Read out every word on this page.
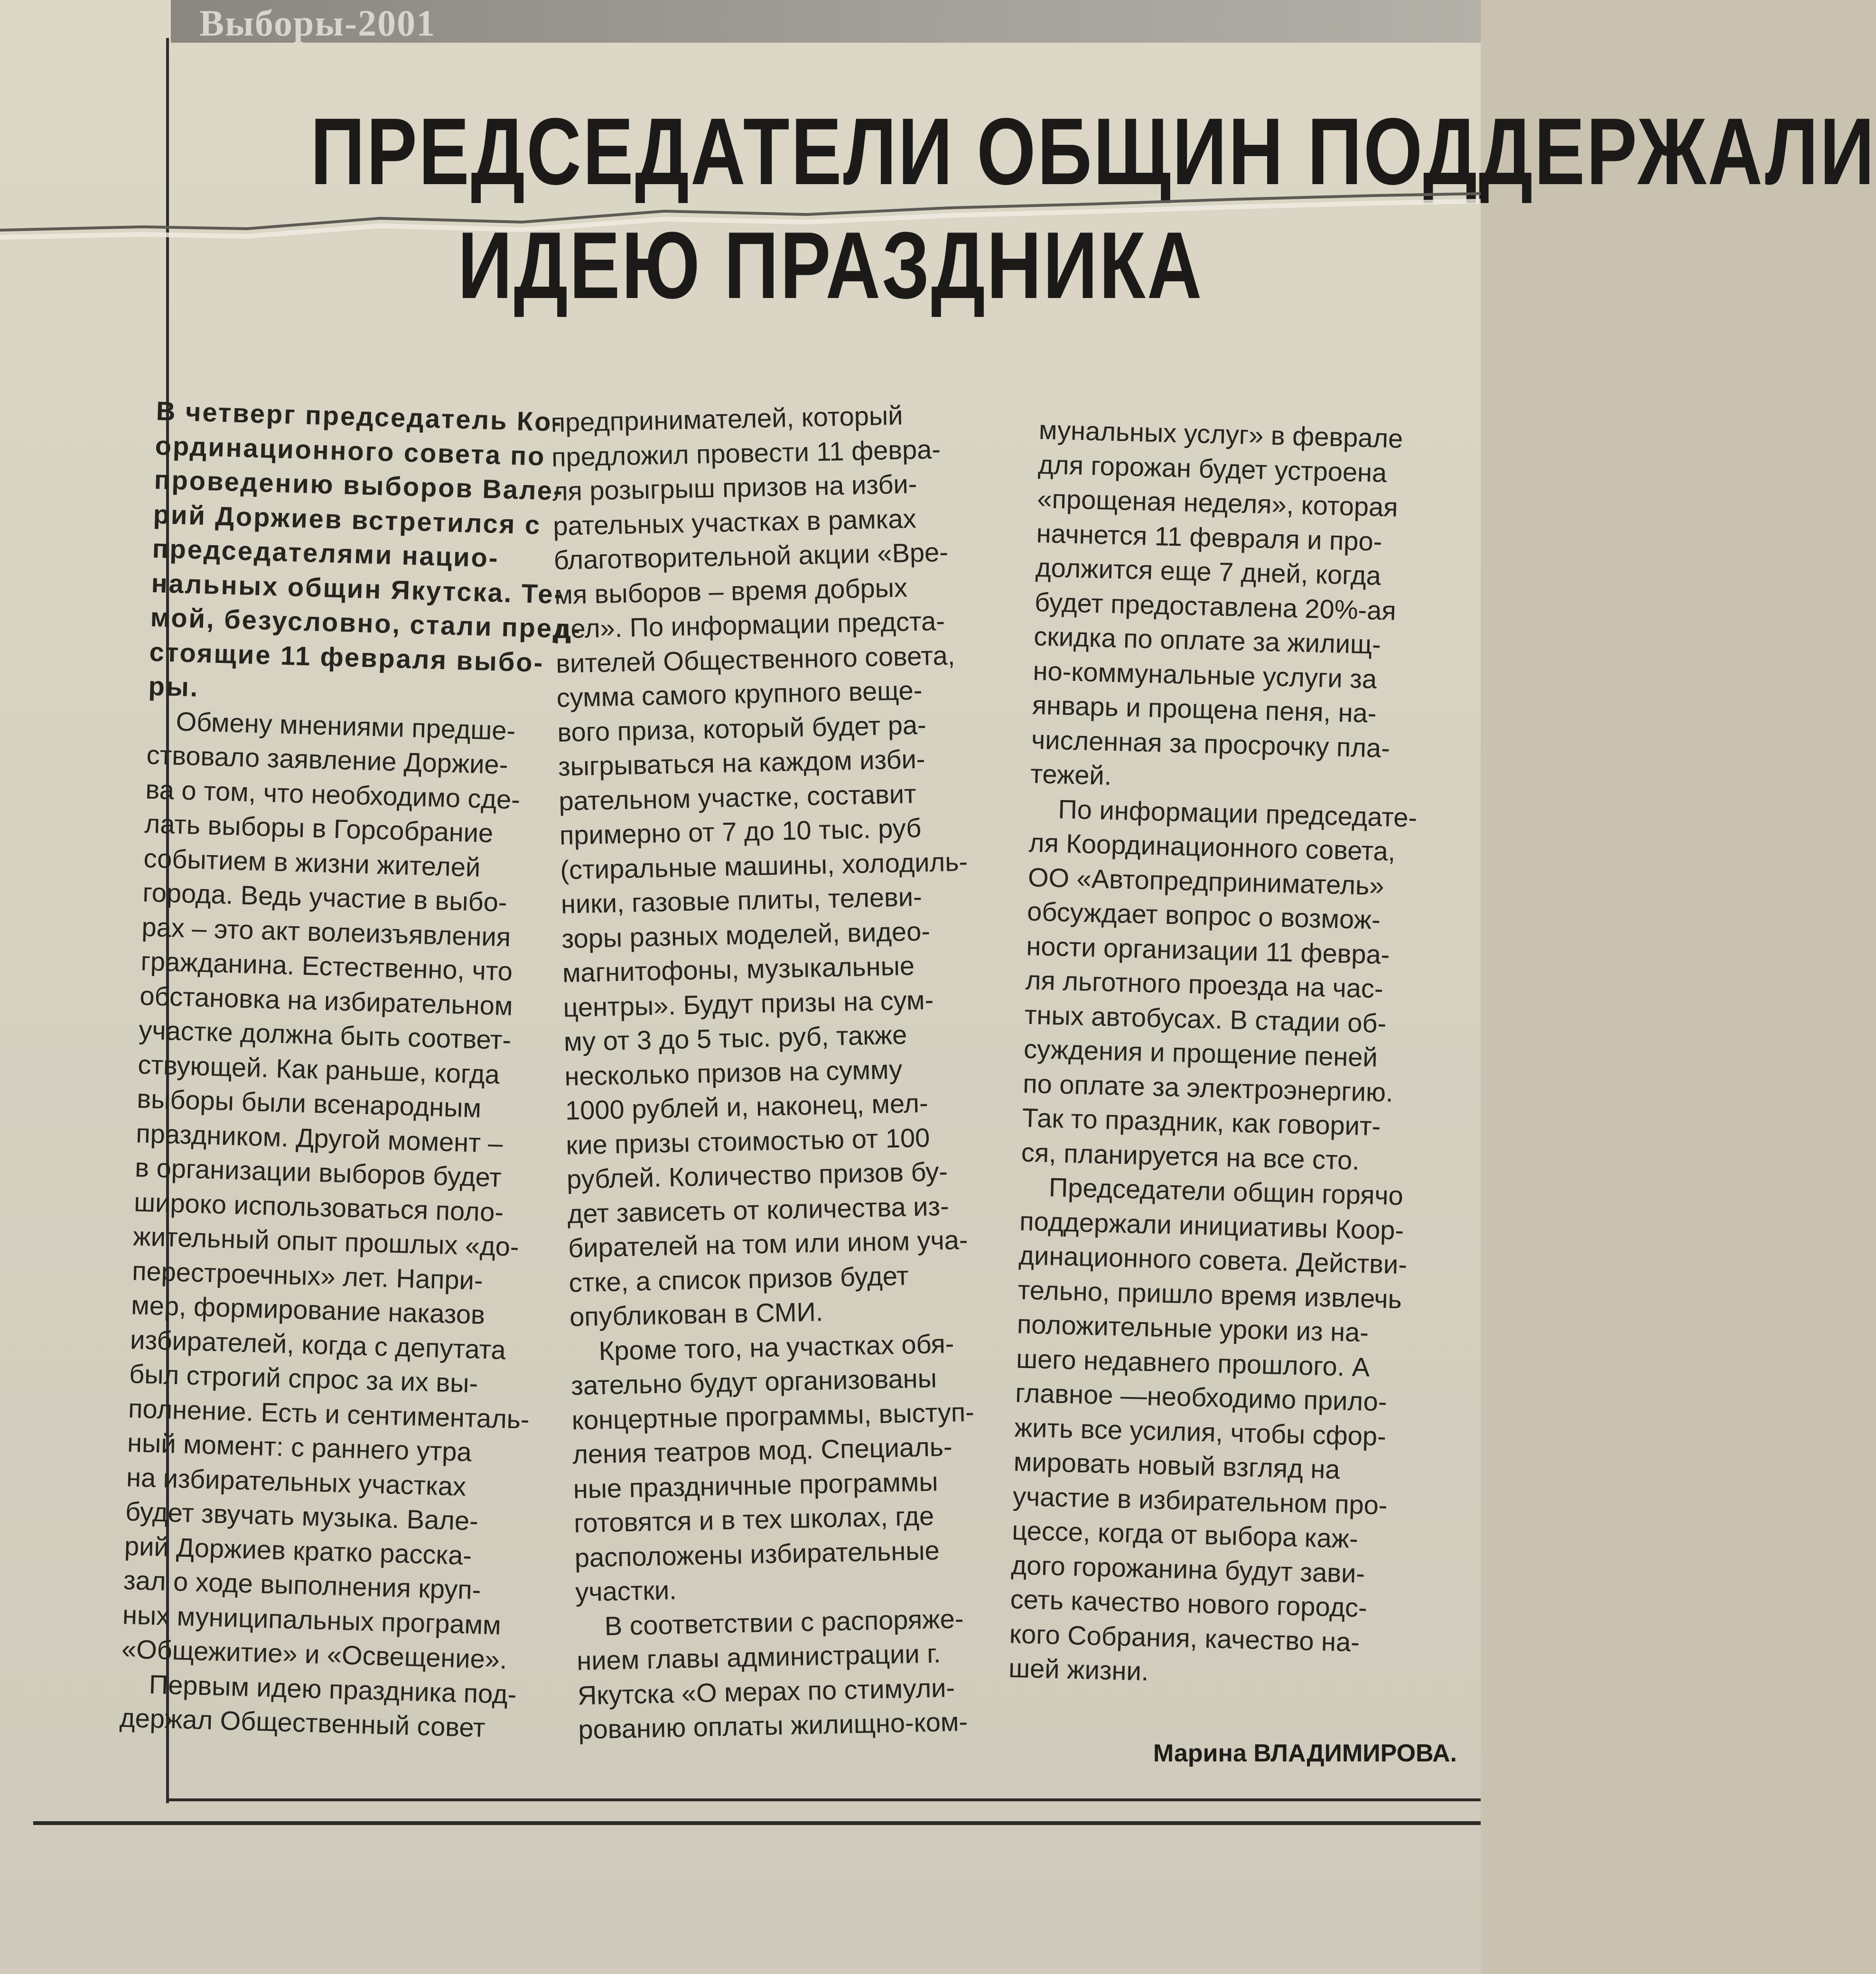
Выборы-2001
ПРЕДСЕДАТЕЛИ ОБЩИН ПОДДЕРЖАЛИ
ИДЕЮ ПРАЗДНИКА

В четверг председатель Ко-

ординационного совета по

проведению выборов Вале-

рий Доржиев встретился с

председателями нацио-

нальных общин Якутска. Те-

мой, безусловно, стали пред-

стоящие 11 февраля выбо-

ры.

Обмену мнениями предше-

ствовало заявление Доржие-

ва о том, что необходимо сде-

лать выборы в Горсобрание

событием в жизни жителей

города. Ведь участие в выбо-

рах – это акт волеизъявления

гражданина. Естественно, что

обстановка на избирательном

участке должна быть соответ-

ствующей. Как раньше, когда

выборы были всенародным

праздником. Другой момент –

в организации выборов будет

широко использоваться поло-

жительный опыт прошлых «до-

перестроечных» лет. Напри-

мер, формирование наказов

избирателей, когда с депутата

был строгий спрос за их вы-

полнение. Есть и сентименталь-

ный момент: с раннего утра

на избирательных участках

будет звучать музыка. Вале-

рий Доржиев кратко расска-

зал о ходе выполнения круп-

ных муниципальных программ

«Общежитие» и «Освещение».

Первым идею праздника под-

держал Общественный совет

предпринимателей, который

предложил провести 11 февра-

ля розыгрыш призов на изби-

рательных участках в рамках

благотворительной акции «Вре-

мя выборов – время добрых

дел». По информации предста-

вителей Общественного совета,

сумма самого крупного веще-

вого приза, который будет ра-

зыгрываться на каждом изби-

рательном участке, составит

примерно от 7 до 10 тыс. руб

(стиральные машины, холодиль-

ники, газовые плиты, телеви-

зоры разных моделей, видео-

магнитофоны, музыкальные

центры». Будут призы на сум-

му от 3 до 5 тыс. руб, также

несколько призов на сумму

1000 рублей и, наконец, мел-

кие призы стоимостью от 100

рублей. Количество призов бу-

дет зависеть от количества из-

бирателей на том или ином уча-

стке, а список призов будет

опубликован в СМИ.

Кроме того, на участках обя-

зательно будут организованы

концертные программы, выступ-

ления театров мод. Специаль-

ные праздничные программы

готовятся и в тех школах, где

расположены избирательные

участки.

В соответствии с распоряже-

нием главы администрации г.

Якутска «О мерах по стимули-

рованию оплаты жилищно-ком-

мунальных услуг» в феврале

для горожан будет устроена

«прощеная неделя», которая

начнется 11 февраля и про-

должится еще 7 дней, когда

будет предоставлена 20%-ая

скидка по оплате за жилищ-

но-коммунальные услуги за

январь и прощена пеня, на-

численная за просрочку пла-

тежей.

По информации председате-

ля Координационного совета,

ОО «Автопредприниматель»

обсуждает вопрос о возмож-

ности организации 11 февра-

ля льготного проезда на час-

тных автобусах. В стадии об-

суждения и прощение пеней

по оплате за электроэнергию.

Так то праздник, как говорит-

ся, планируется на все сто.

Председатели общин горячо

поддержали инициативы Коор-

динационного совета. Действи-

тельно, пришло время извлечь

положительные уроки из на-

шего недавнего прошлого. А

главное —необходимо прило-

жить все усилия, чтобы сфор-

мировать новый взгляд на

участие в избирательном про-

цессе, когда от выбора каж-

дого горожанина будут зави-

сеть качество нового городс-

кого Собрания, качество на-

шей жизни.

Марина ВЛАДИМИРОВА.
